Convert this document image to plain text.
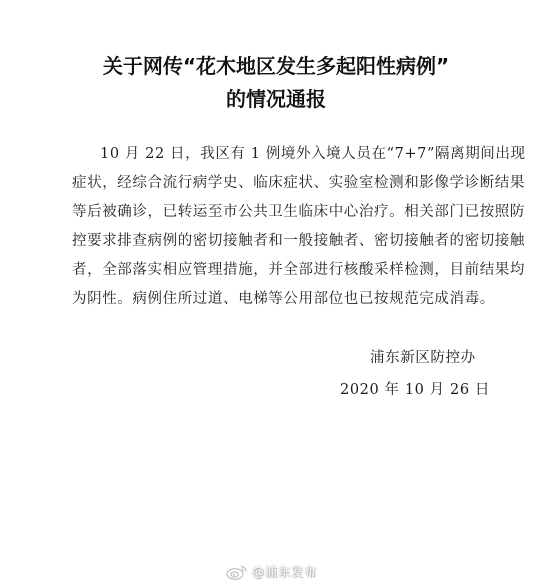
关于网传“花木地区发生多起阳性病例”
的情况通报
10 月 22 日，我区有 1 例境外入境人员在“7+7”隔离期间出现
症状，经综合流行病学史、临床症状、实验室检测和影像学诊断结果
等后被确诊，已转运至市公共卫生临床中心治疗。相关部门已按照防
控要求排查病例的密切接触者和一般接触者、密切接触者的密切接触
者，全部落实相应管理措施，并全部进行核酸采样检测，目前结果均
为阴性。病例住所过道、电梯等公用部位也已按规范完成消毒。
浦东新区防控办
2020 年 10 月 26 日
@浦东发布
